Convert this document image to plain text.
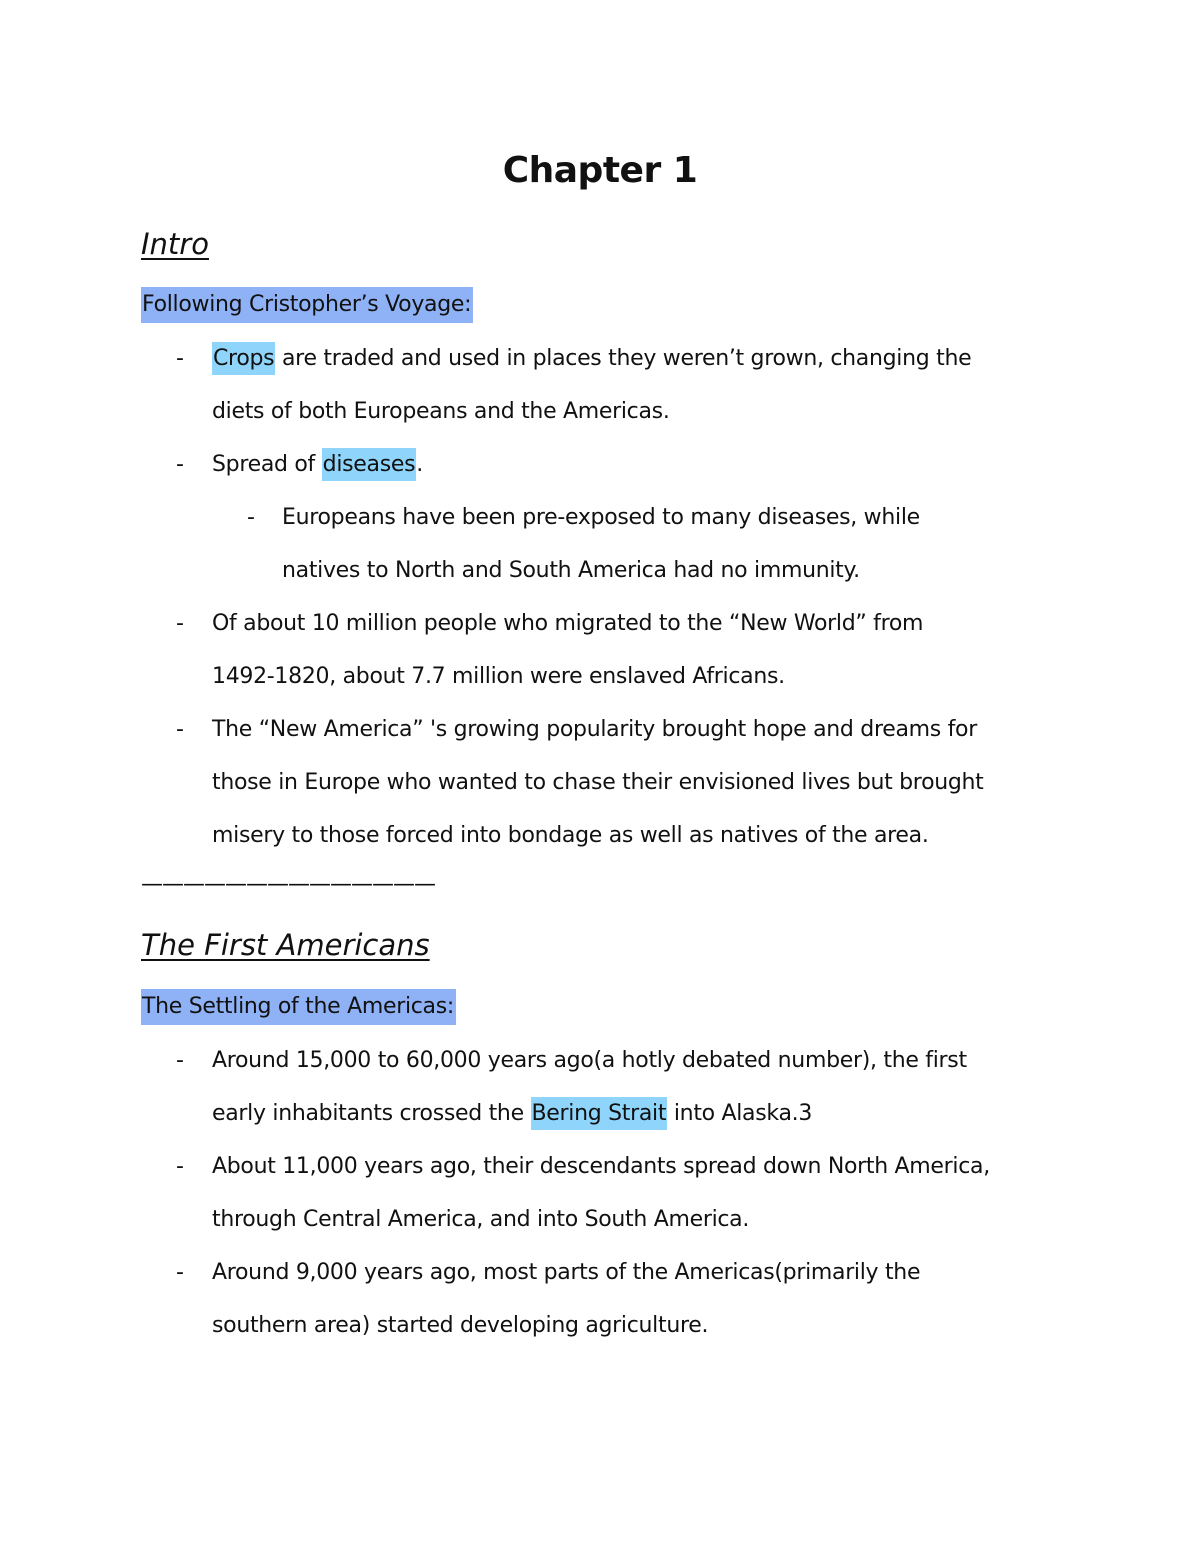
Chapter 1
Intro
Following Cristopher’s Voyage:
- Crops are traded and used in places they weren’t grown, changing the
diets of both Europeans and the Americas.
- Spread of diseases.
- Europeans have been pre-exposed to many diseases, while
natives to North and South America had no immunity.
- Of about 10 million people who migrated to the “New World” from
1492-1820, about 7.7 million were enslaved Africans.
- The “New America” 's growing popularity brought hope and dreams for
those in Europe who wanted to chase their envisioned lives but brought
misery to those forced into bondage as well as natives of the area.
——————————————
The First Americans
The Settling of the Americas:
- Around 15,000 to 60,000 years ago(a hotly debated number), the first
early inhabitants crossed the Bering Strait into Alaska.3
- About 11,000 years ago, their descendants spread down North America,
through Central America, and into South America.
- Around 9,000 years ago, most parts of the Americas(primarily the
southern area) started developing agriculture.
